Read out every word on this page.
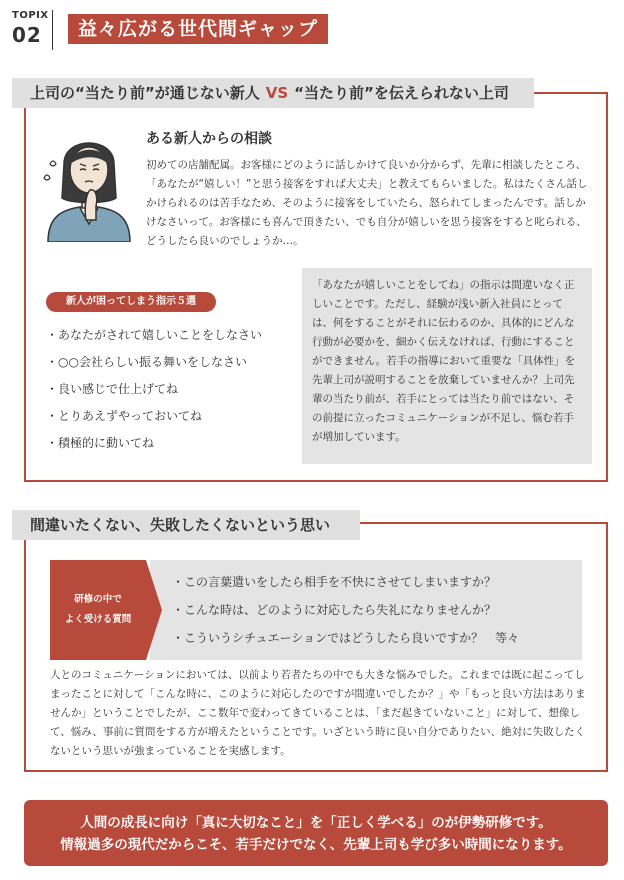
TOPIX
02	益々広がる世代間ギャップ
上司の“当たり前”が通じない新人 VS “当たり前”を伝えられない上司
ある新人からの相談
初めての店舗配属。お客様にどのように話しかけて良いか分からず、先輩に相談したところ、「あなたが“嬉しい！”と思う接客をすれば大丈夫」と教えてもらいました。私はたくさん話しかけられるのは苦手なため、そのように接客をしていたら、怒られてしまったんです。話しかけなさいって。お客様にも喜んで頂きたい、でも自分が嬉しいを思う接客をすると叱られる、どうしたら良いのでしょうか…。
新人が困ってしまう指示５選
・あなたがされて嬉しいことをしなさい
・○○会社らしい振る舞いをしなさい
・良い感じで仕上げてね
・とりあえずやっておいてね
・積極的に動いてね
「あなたが嬉しいことをしてね」の指示は間違いなく正しいことです。ただし、経験が浅い新入社員にとっては、何をすることがそれに伝わるのか、具体的にどんな行動が必要かを、細かく伝えなければ、行動にすることができません。若手の指導において重要な「具体性」を先輩上司が説明することを放棄していませんか？上司先輩の当たり前が、若手にとっては当たり前ではない、その前提に立ったコミュニケーションが不足し、悩む若手が増加しています。
間違いたくない、失敗したくないという思い
研修の中で
よく受ける質問
・この言葉遣いをしたら相手を不快にさせてしまいますか？
・こんな時は、どのように対応したら失礼になりませんか？
・こういうシチュエーションではどうしたら良いですか？　等々
人とのコミュニケーションにおいては、以前より若者たちの中でも大きな悩みでした。これまでは既に起こってしまったことに対して「こんな時に、このように対応したのですが間違いでしたか？」や「もっと良い方法はありませんか」ということでしたが、ここ数年で変わってきていることは、「まだ起きていないこと」に対して、想像して、悩み、事前に質問をする方が増えたということです。いざという時に良い自分でありたい、絶対に失敗したくないという思いが強まっていることを実感します。
人間の成長に向け「真に大切なこと」を「正しく学べる」のが伊勢研修です。
情報過多の現代だからこそ、若手だけでなく、先輩上司も学び多い時間になります。
